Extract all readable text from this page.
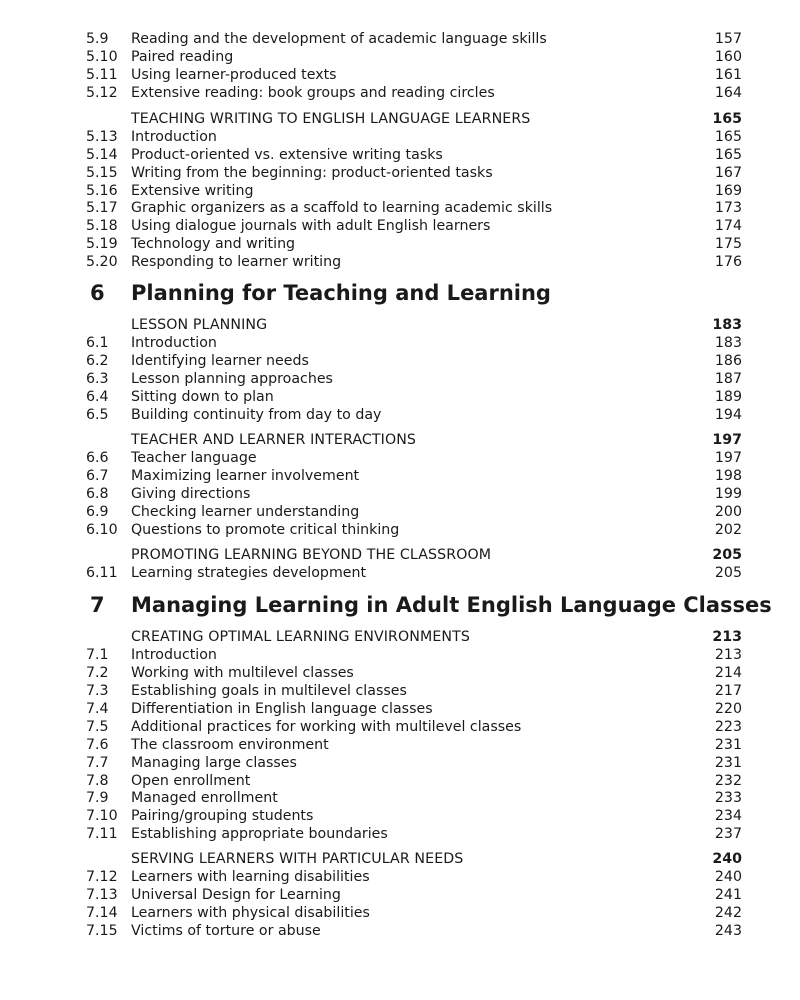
5.9 Reading and the development of academic language skills	157
5.10 Paired reading	160
5.11 Using learner-produced texts	161
5.12 Extensive reading: book groups and reading circles	164
TEACHING WRITING TO ENGLISH LANGUAGE LEARNERS	165
5.13 Introduction	165
5.14 Product-oriented vs. extensive writing tasks	165
5.15 Writing from the beginning: product-oriented tasks	167
5.16 Extensive writing	169
5.17 Graphic organizers as a scaffold to learning academic skills	173
5.18 Using dialogue journals with adult English learners	174
5.19 Technology and writing	175
5.20 Responding to learner writing	176
6 Planning for Teaching and Learning
LESSON PLANNING	183
6.1 Introduction	183
6.2 Identifying learner needs	186
6.3 Lesson planning approaches	187
6.4 Sitting down to plan	189
6.5 Building continuity from day to day	194
TEACHER AND LEARNER INTERACTIONS	197
6.6 Teacher language	197
6.7 Maximizing learner involvement	198
6.8 Giving directions	199
6.9 Checking learner understanding	200
6.10 Questions to promote critical thinking	202
PROMOTING LEARNING BEYOND THE CLASSROOM	205
6.11 Learning strategies development	205
7 Managing Learning in Adult English Language Classes
CREATING OPTIMAL LEARNING ENVIRONMENTS	213
7.1 Introduction	213
7.2 Working with multilevel classes	214
7.3 Establishing goals in multilevel classes	217
7.4 Differentiation in English language classes	220
7.5 Additional practices for working with multilevel classes	223
7.6 The classroom environment	231
7.7 Managing large classes	231
7.8 Open enrollment	232
7.9 Managed enrollment	233
7.10 Pairing/grouping students	234
7.11 Establishing appropriate boundaries	237
SERVING LEARNERS WITH PARTICULAR NEEDS	240
7.12 Learners with learning disabilities	240
7.13 Universal Design for Learning	241
7.14 Learners with physical disabilities	242
7.15 Victims of torture or abuse	243
